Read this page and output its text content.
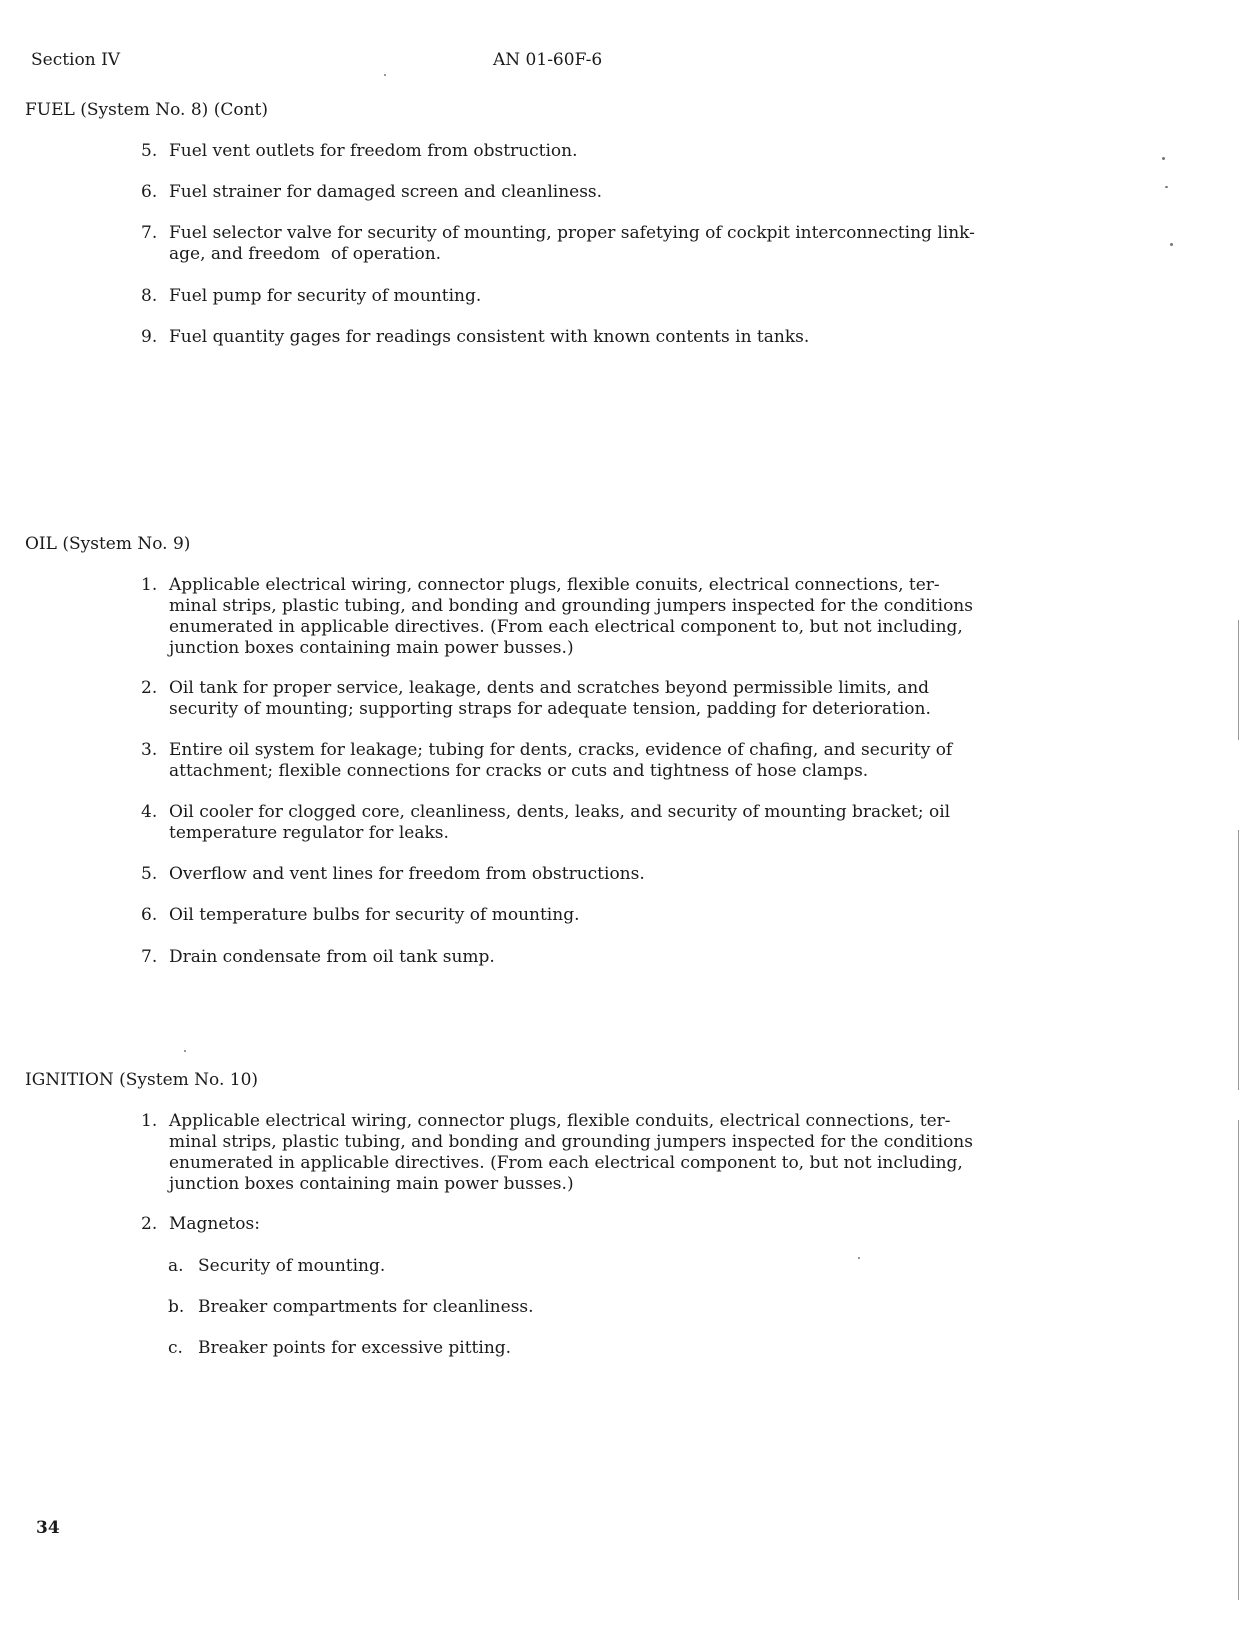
Section IV	AN 01-60F-6
FUEL (System No. 8) (Cont)
5. Fuel vent outlets for freedom from obstruction.
6. Fuel strainer for damaged screen and cleanliness.
7. Fuel selector valve for security of mounting, proper safetying of cockpit interconnecting link-
age, and freedom  of operation.
8. Fuel pump for security of mounting.
9. Fuel quantity gages for readings consistent with known contents in tanks.
OIL (System No. 9)
1. Applicable electrical wiring, connector plugs, flexible conuits, electrical connections, ter-
minal strips, plastic tubing, and bonding and grounding jumpers inspected for the conditions
enumerated in applicable directives. (From each electrical component to, but not including,
junction boxes containing main power busses.)
2. Oil tank for proper service, leakage, dents and scratches beyond permissible limits, and
security of mounting; supporting straps for adequate tension, padding for deterioration.
3. Entire oil system for leakage; tubing for dents, cracks, evidence of chafing, and security of
attachment; flexible connections for cracks or cuts and tightness of hose clamps.
4. Oil cooler for clogged core, cleanliness, dents, leaks, and security of mounting bracket; oil
temperature regulator for leaks.
5. Overflow and vent lines for freedom from obstructions.
6. Oil temperature bulbs for security of mounting.
7. Drain condensate from oil tank sump.
IGNITION (System No. 10)
1. Applicable electrical wiring, connector plugs, flexible conduits, electrical connections, ter-
minal strips, plastic tubing, and bonding and grounding jumpers inspected for the conditions
enumerated in applicable directives. (From each electrical component to, but not including,
junction boxes containing main power busses.)
2. Magnetos:
a. Security of mounting.
b. Breaker compartments for cleanliness.
c. Breaker points for excessive pitting.
34
